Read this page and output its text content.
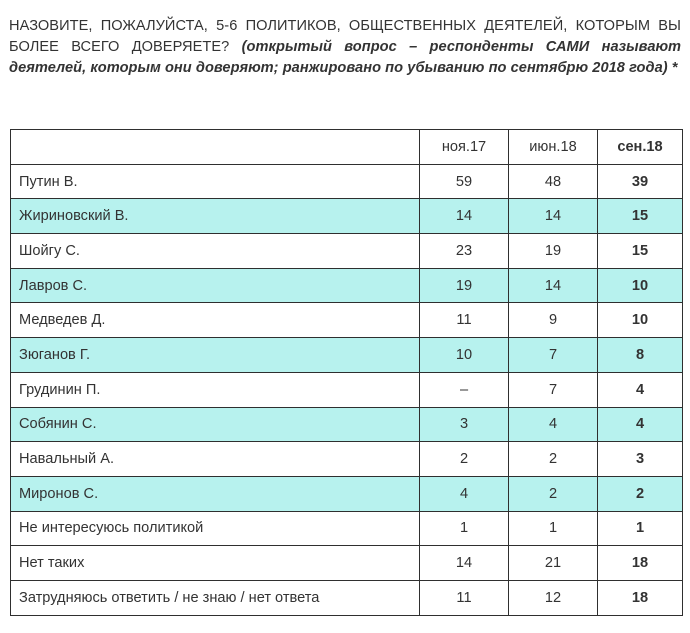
НАЗОВИТЕ, ПОЖАЛУЙСТА, 5-6 ПОЛИТИКОВ, ОБЩЕСТВЕННЫХ ДЕЯТЕЛЕЙ, КОТОРЫМ ВЫ БОЛЕЕ ВСЕГО ДОВЕРЯЕТЕ? (открытый вопрос – респонденты САМИ называют деятелей, которым они доверяют; ранжировано по убыванию по сентябрю 2018 года) *
	ноя.17	июн.18	сен.18
Путин В.	59	48	39
Жириновский В.	14	14	15
Шойгу С.	23	19	15
Лавров С.	19	14	10
Медведев Д.	11	9	10
Зюганов Г.	10	7	8
Грудинин П.	–	7	4
Собянин С.	3	4	4
Навальный А.	2	2	3
Миронов С.	4	2	2
Не интересуюсь политикой	1	1	1
Нет таких	14	21	18
Затрудняюсь ответить / не знаю / нет ответа	11	12	18
